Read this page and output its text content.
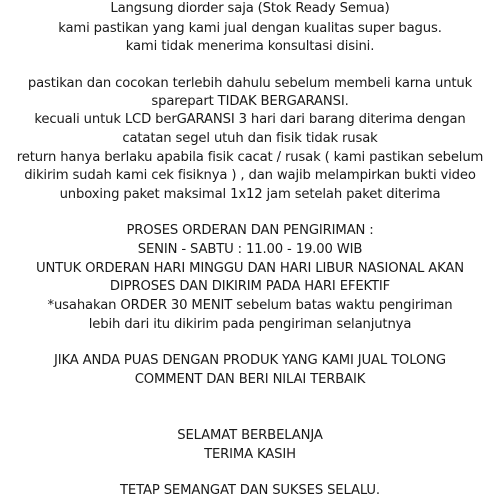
Langsung diorder saja (Stok Ready Semua)
kami pastikan yang kami jual dengan kualitas super bagus.
kami tidak menerima konsultasi disini.
pastikan dan cocokan terlebih dahulu sebelum membeli karna untuk
sparepart TIDAK BERGARANSI.
kecuali untuk LCD berGARANSI 3 hari dari barang diterima dengan
catatan segel utuh dan fisik tidak rusak
return hanya berlaku apabila fisik cacat / rusak ( kami pastikan sebelum
dikirim sudah kami cek fisiknya ) , dan wajib melampirkan bukti video
unboxing paket maksimal 1x12 jam setelah paket diterima
PROSES ORDERAN DAN PENGIRIMAN :
SENIN - SABTU : 11.00 - 19.00 WIB
UNTUK ORDERAN HARI MINGGU DAN HARI LIBUR NASIONAL AKAN
DIPROSES DAN DIKIRIM PADA HARI EFEKTIF
*usahakan ORDER 30 MENIT sebelum batas waktu pengiriman
lebih dari itu dikirim pada pengiriman selanjutnya
JIKA ANDA PUAS DENGAN PRODUK YANG KAMI JUAL TOLONG
COMMENT DAN BERI NILAI TERBAIK
SELAMAT BERBELANJA
TERIMA KASIH
TETAP SEMANGAT DAN SUKSES SELALU.
